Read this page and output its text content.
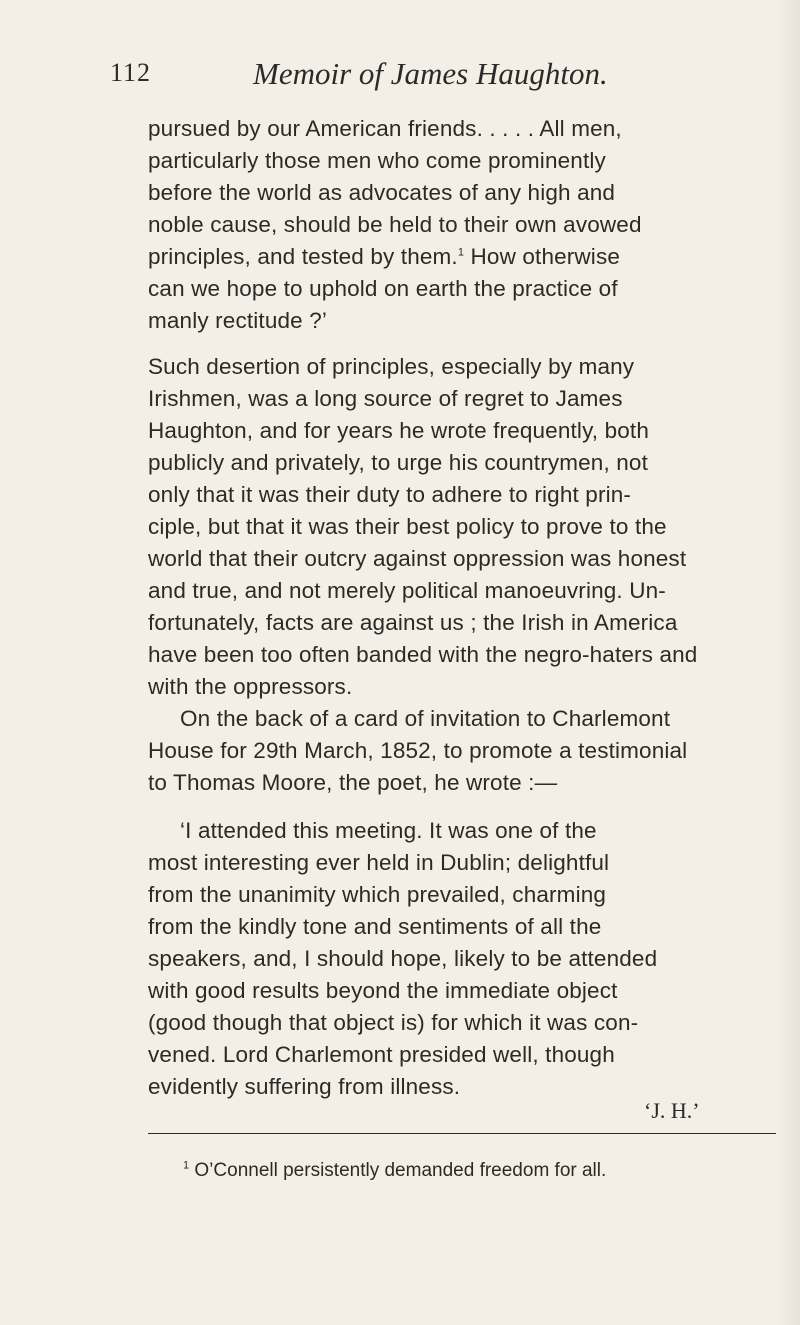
112	Memoir of James Haughton.
pursued by our American friends. . . . . All men,
particularly those men who come prominently
before the world as advocates of any high and
noble cause, should be held to their own avowed
principles, and tested by them.$^1$ How otherwise
can we hope to uphold on earth the practice of
manly rectitude ?’
Such desertion of principles, especially by many
Irishmen, was a long source of regret to James
Haughton, and for years he wrote frequently, both
publicly and privately, to urge his countrymen, not
only that it was their duty to adhere to right prin-
ciple, but that it was their best policy to prove to the
world that their outcry against oppression was honest
and true, and not merely political manoeuvring. Un-
fortunately, facts are against us ; the Irish in America
have been too often banded with the negro-haters and
with the oppressors.
On the back of a card of invitation to Charlemont
House for 29th March, 1852, to promote a testimonial
to Thomas Moore, the poet, he wrote :—
‘I attended this meeting. It was one of the
most interesting ever held in Dublin; delightful
from the unanimity which prevailed, charming
from the kindly tone and sentiments of all the
speakers, and, I should hope, likely to be attended
with good results beyond the immediate object
(good though that object is) for which it was con-
vened. Lord Charlemont presided well, though
evidently suffering from illness.
‘J. H.’
$^1$ O’Connell persistently demanded freedom for all.
